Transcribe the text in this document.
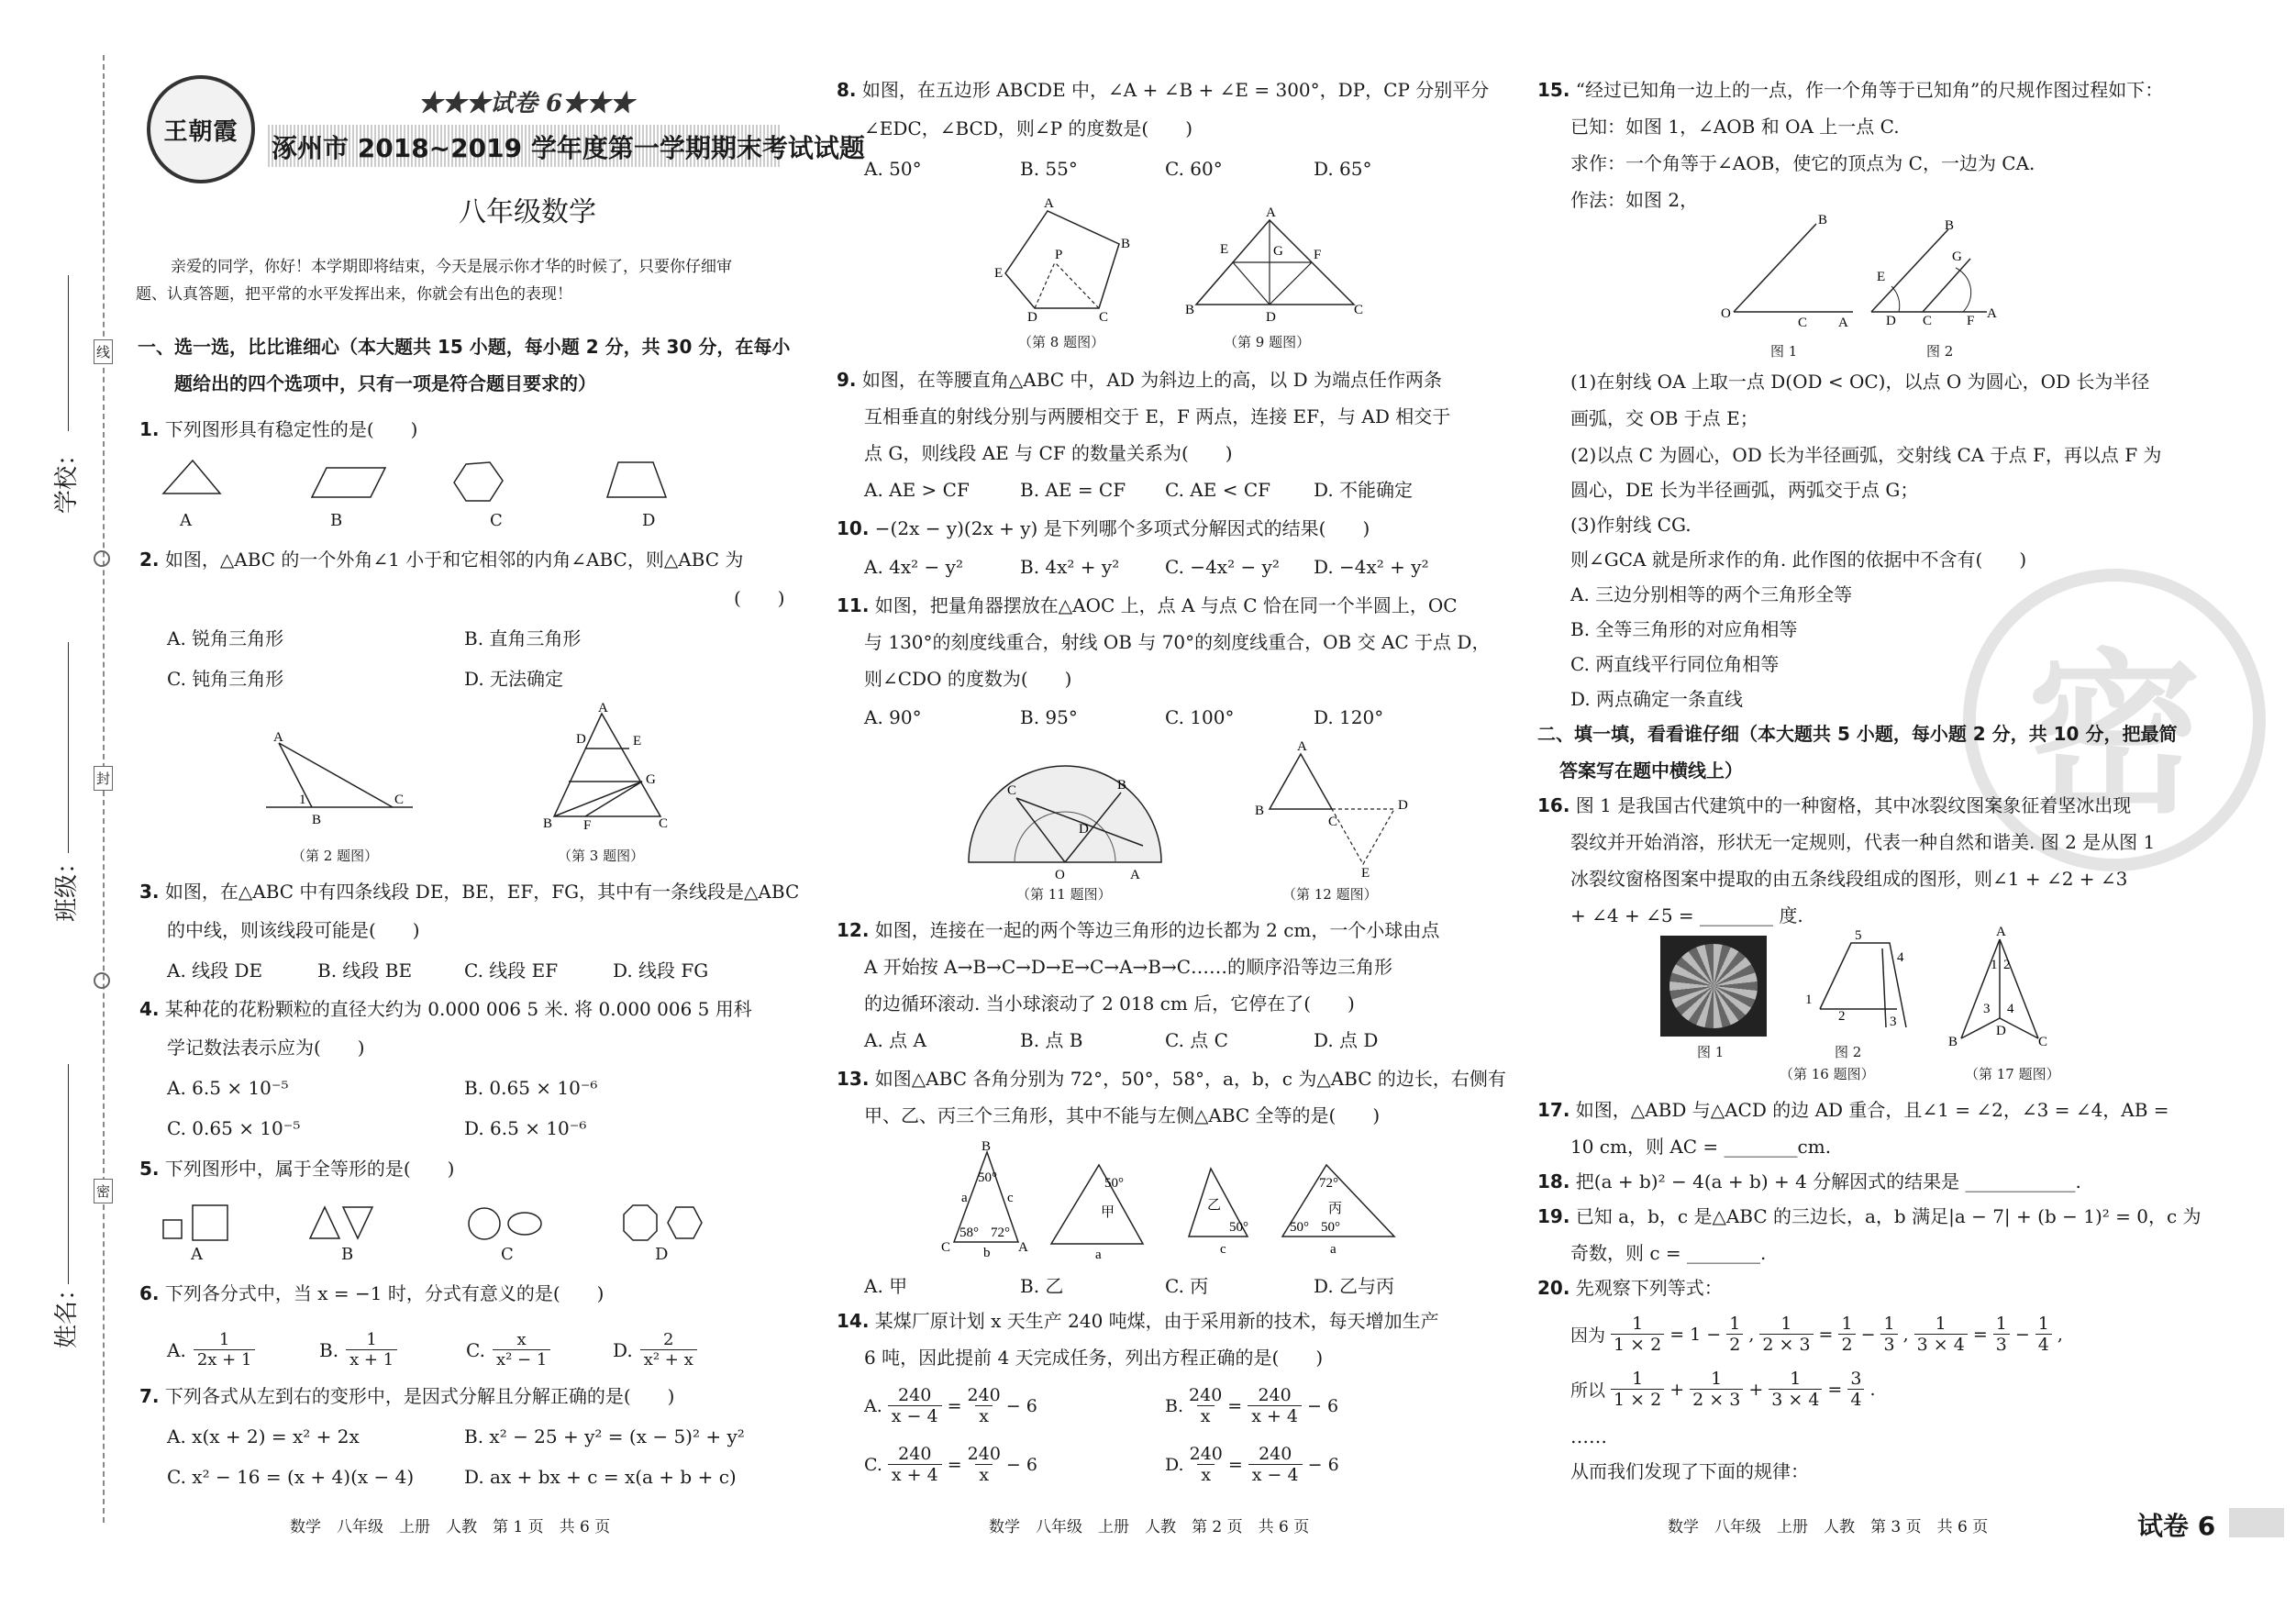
学校：
班级：
姓名：
线
封
密
王朝霞
★★★试卷 6★★★
涿州市 2018~2019 学年度第一学期期末考试试题
八年级数学
亲爱的同学，你好！本学期即将结束，今天是展示你才华的时候了，只要你仔细审
题、认真答题，把平常的水平发挥出来，你就会有出色的表现！
一、选一选，比比谁细心（本大题共 15 小题，每小题 2 分，共 30 分，在每小
题给出的四个选项中，只有一项是符合题目要求的）
1. 下列图形具有稳定性的是(　　)
A	B	C	D
2. 如图，△ABC 的一个外角∠1 小于和它相邻的内角∠ABC，则△ABC 为
(　　)
A. 锐角三角形	B. 直角三角形
C. 钝角三角形	D. 无法确定
A
B
C
1
（第 2 题图）
A
B	C
F
D	E
G
（第 3 题图）
3. 如图，在△ABC 中有四条线段 DE，BE，EF，FG，其中有一条线段是△ABC
的中线，则该线段可能是(　　)
A. 线段 DE	B. 线段 BE	C. 线段 EF	D. 线段 FG
4. 某种花的花粉颗粒的直径大约为 0.000 006 5 米. 将 0.000 006 5 用科
学记数法表示应为(　　)
A. 6.5 × 10⁻⁵	B. 0.65 × 10⁻⁶
C. 0.65 × 10⁻⁵	D. 6.5 × 10⁻⁶
5. 下列图形中，属于全等形的是(　　)
A	B	C	D
6. 下列各分式中，当 x = −1 时，分式有意义的是(　　)
A. 1
2x + 1	B. 1
x + 1	C. x
x² − 1	D. 2
x² + x
7. 下列各式从左到右的变形中，是因式分解且分解正确的是(　　)
A. x(x + 2) = x² + 2x	B. x² − 25 + y² = (x − 5)² + y²
C. x² − 16 = (x + 4)(x − 4)	D. ax + bx + c = x(a + b + c)
数学　八年级　上册　人教　第 1 页　共 6 页
8. 如图，在五边形 ABCDE 中，∠A + ∠B + ∠E = 300°，DP，CP 分别平分
∠EDC，∠BCD，则∠P 的度数是(　　)
A. 50°	B. 55°	C. 60°	D. 65°
A
B
C
D
E
P
（第 8 题图）
A
B	C
D
E	F
G
（第 9 题图）
9. 如图，在等腰直角△ABC 中，AD 为斜边上的高，以 D 为端点任作两条
互相垂直的射线分别与两腰相交于 E，F 两点，连接 EF，与 AD 相交于
点 G，则线段 AE 与 CF 的数量关系为(　　)
A. AE > CF	B. AE = CF C. AE < CF D. 不能确定
10. −(2x − y)(2x + y) 是下列哪个多项式分解因式的结果(　　)
A. 4x² − y²	B. 4x² + y² C. −4x² − y² D. −4x² + y²
11. 如图，把量角器摆放在△AOC 上，点 A 与点 C 恰在同一个半圆上，OC
与 130°的刻度线重合，射线 OB 与 70°的刻度线重合，OB 交 AC 于点 D，
则∠CDO 的度数为(　　)
A. 90°	B. 95°	C. 100°	D. 120°
O	A
C	B
D
（第 11 题图）
A
B
C
D
E
（第 12 题图）
12. 如图，连接在一起的两个等边三角形的边长都为 2 cm，一个小球由点
A 开始按 A→B→C→D→E→C→A→B→C……的顺序沿等边三角形
的边循环滚动. 当小球滚动了 2 018 cm 后，它停在了(　　)
A. 点 A	B. 点 B	C. 点 C	D. 点 D
13. 如图△ABC 各角分别为 72°，50°，58°，a，b，c 为△ABC 的边长，右侧有
甲、乙、丙三个三角形，其中不能与左侧△ABC 全等的是(　　)
B
C	A
50°
58° 72°
a	c
b
50°
甲
a
乙
50°
c
72°
丙
50°
50°
a
A. 甲	B. 乙	C. 丙	D. 乙与丙
14. 某煤厂原计划 x 天生产 240 吨煤，由于采用新的技术，每天增加生产
6 吨，因此提前 4 天完成任务，列出方程正确的是(　　)
A. $\frac{240}{x - 4} = \frac{240}{x} - 6$	B. $\frac{240}{x} = \frac{240}{x + 4} - 6$
C. $\frac{240}{x + 4} = \frac{240}{x} - 6$	D. $\frac{240}{x} = \frac{240}{x - 4} - 6$
数学　八年级　上册　人教　第 2 页　共 6 页
密
15. “经过已知角一边上的一点，作一个角等于已知角”的尺规作图过程如下：
已知：如图 1，∠AOB 和 OA 上一点 C.
求作：一个角等于∠AOB，使它的顶点为 C，一边为 CA.
作法：如图 2，
O
B
A
C
E
D C	F
G
B
A
图 1	图 2
(1)在射线 OA 上取一点 D(OD < OC)，以点 O 为圆心，OD 长为半径
画弧，交 OB 于点 E；
(2)以点 C 为圆心，OD 长为半径画弧，交射线 CA 于点 F，再以点 F 为
圆心，DE 长为半径画弧，两弧交于点 G；
(3)作射线 CG.
则∠GCA 就是所求作的角. 此作图的依据中不含有(　　)
A. 三边分别相等的两个三角形全等
B. 全等三角形的对应角相等
C. 两直线平行同位角相等
D. 两点确定一条直线
二、填一填，看看谁仔细（本大题共 5 小题，每小题 2 分，共 10 分，把最简
答案写在题中横线上）
16. 图 1 是我国古代建筑中的一种窗格，其中冰裂纹图案象征着坚冰出现
裂纹并开始消溶，形状无一定规则，代表一种自然和谐美. 图 2 是从图 1
冰裂纹窗格图案中提取的由五条线段组成的图形，则∠1 + ∠2 + ∠3
+ ∠4 + ∠5 = ________ 度.
图 1
1
2	3
4
5
图 2
A
B	C
D
1 2
3 4
（第 16 题图）	（第 17 题图）
17. 如图，△ABD 与△ACD 的边 AD 重合，且∠1 = ∠2，∠3 = ∠4，AB =
10 cm，则 AC = ________cm.
18. 把(a + b)² − 4(a + b) + 4 分解因式的结果是 ____________.
19. 已知 a，b，c 是△ABC 的三边长，a，b 满足|a − 7| + (b − 1)² = 0，c 为
奇数，则 c = ________.
20. 先观察下列等式：
因为 $\frac{1}{1 \times 2} = 1 - \frac{1}{2}$ , $\frac{1}{2 \times 3} = \frac{1}{2} - \frac{1}{3}$ , $\frac{1}{3 \times 4} = \frac{1}{3} - \frac{1}{4}$ ,
所以
1
1 × 2
+ $\frac{1}{2 \times 3} + \frac{1}{3 \times 4} = \frac{3}{4}$ .
……
从而我们发现了下面的规律：
数学　八年级　上册　人教　第 3 页　共 6 页	试卷 6
